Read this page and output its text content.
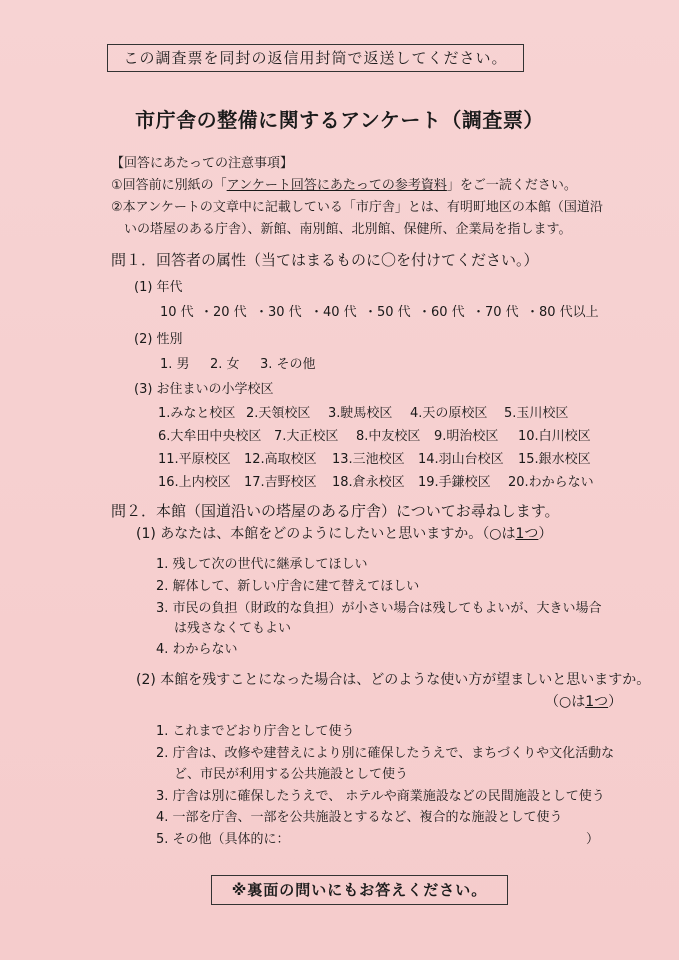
この調査票を同封の返信用封筒で返送してください。
市庁舎の整備に関するアンケート（調査票）
【回答にあたっての注意事項】
①回答前に別紙の「アンケート回答にあたっての参考資料」をご一読ください。
②本アンケートの文章中に記載している「市庁舎」とは、有明町地区の本館（国道沿
いの塔屋のある庁舎）、新館、南別館、北別館、保健所、企業局を指します。
問１．回答者の属性（当てはまるものに〇を付けてください。）
(1) 年代
10 代 ・20 代 ・30 代 ・40 代 ・50 代 ・60 代 ・70 代 ・80 代以上
(2) 性別
1. 男 2. 女 3. その他
(3) お住まいの小学校区
1.みなと校区 2.天領校区 3.駛馬校区 4.天の原校区 5.玉川校区
6.大牟田中央校区 7.大正校区 8.中友校区 9.明治校区 10.白川校区
11.平原校区 12.高取校区 13.三池校区 14.羽山台校区 15.銀水校区
16.上内校区 17.吉野校区 18.倉永校区 19.手鎌校区 20.わからない
問２．本館（国道沿いの塔屋のある庁舎）についてお尋ねします。
(1) あなたは、本館をどのようにしたいと思いますか。（○は1つ）
1. 残して次の世代に継承してほしい
2. 解体して、新しい庁舎に建て替えてほしい
3. 市民の負担（財政的な負担）が小さい場合は残してもよいが、大きい場合
は残さなくてもよい
4. わからない
(2) 本館を残すことになった場合は、どのような使い方が望ましいと思いますか。
（○は1つ）
1. これまでどおり庁舎として使う
2. 庁舎は、改修や建替えにより別に確保したうえで、まちづくりや文化活動な
ど、市民が利用する公共施設として使う
3. 庁舎は別に確保したうえで、 ホテルや商業施設などの民間施設として使う
4. 一部を庁舎、一部を公共施設とするなど、複合的な施設として使う
5. その他（具体的に：	）
※裏面の問いにもお答えください。
